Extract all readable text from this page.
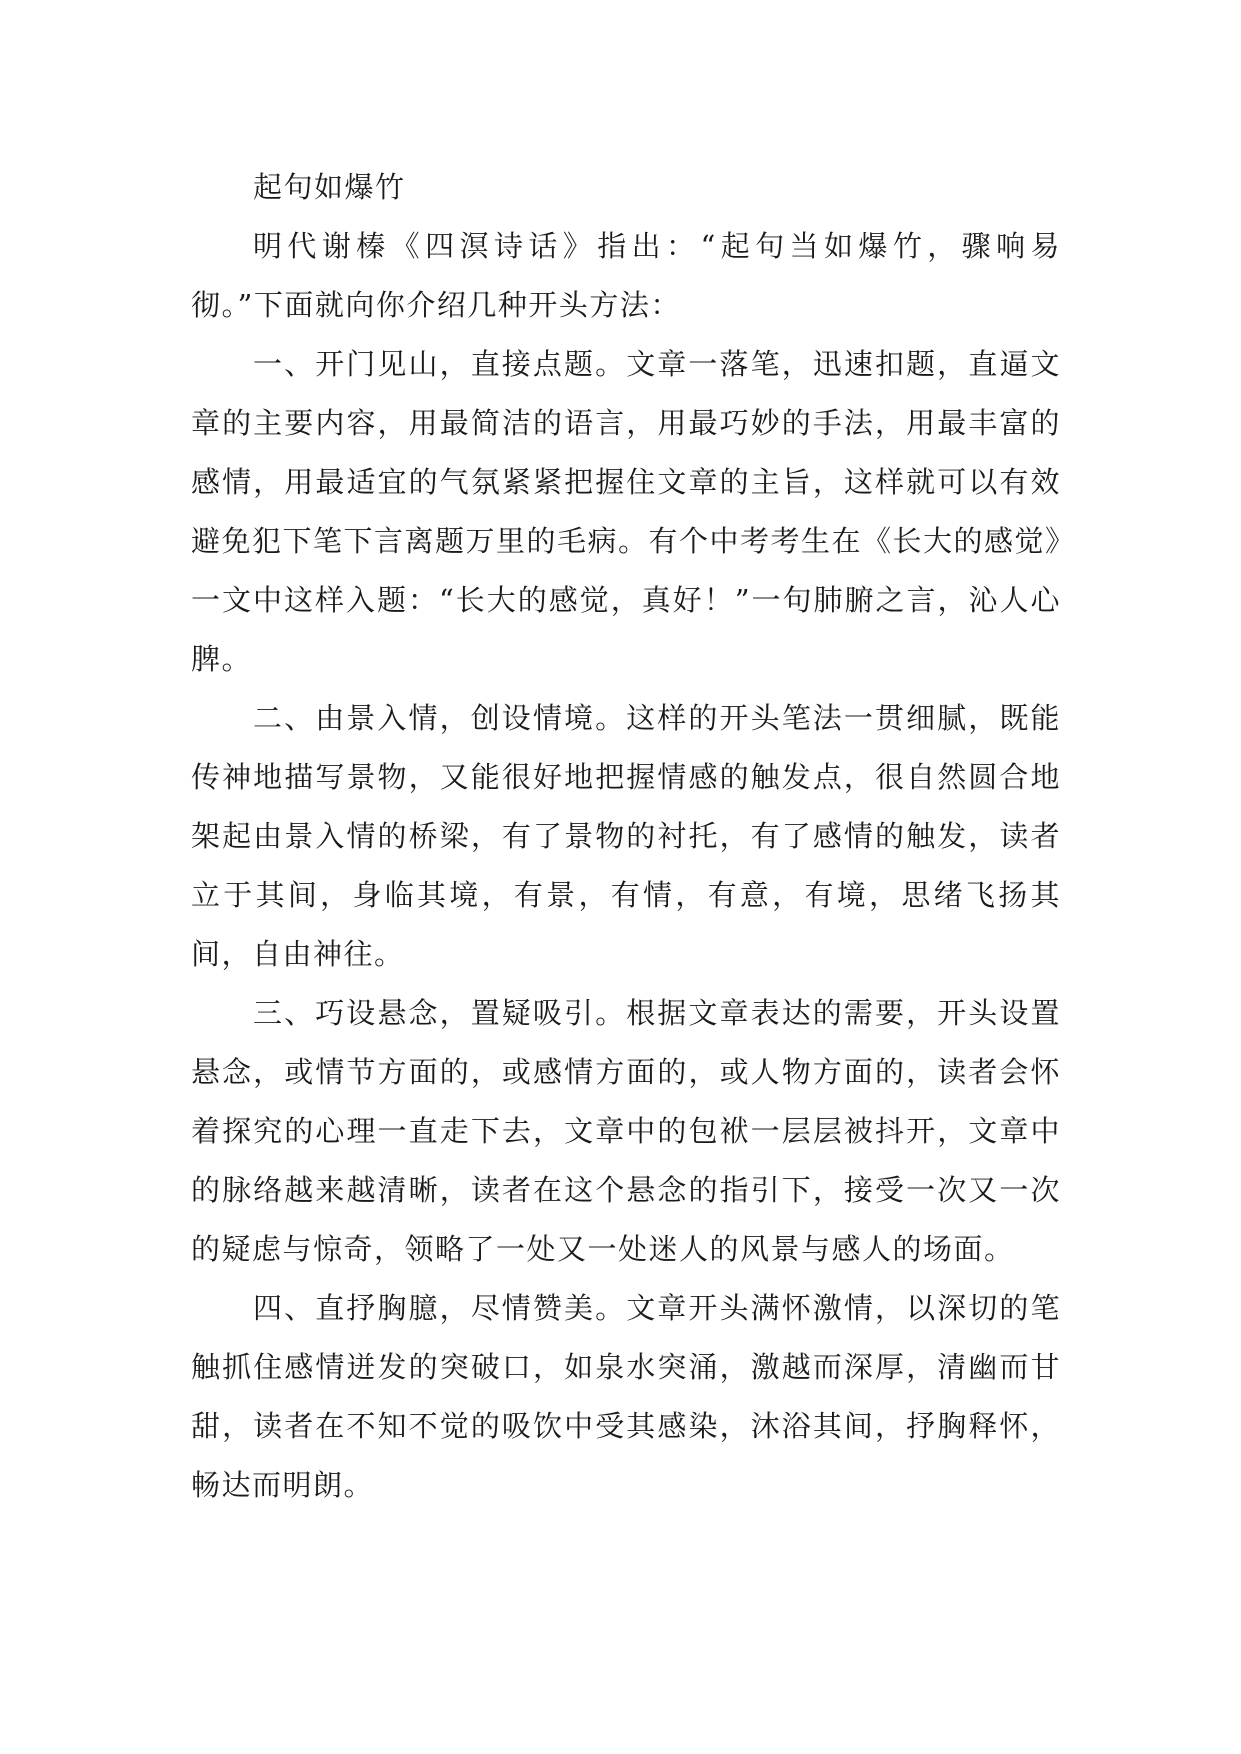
起句如爆竹

明代谢榛《四溟诗话》指出：“起句当如爆竹，骤响易彻。”下面就向你介绍几种开头方法：

一、开门见山，直接点题。文章一落笔，迅速扣题，直逼文章的主要内容，用最简洁的语言，用最巧妙的手法，用最丰富的感情，用最适宜的气氛紧紧把握住文章的主旨，这样就可以有效避免犯下笔下言离题万里的毛病。有个中考考生在《长大的感觉》一文中这样入题：“长大的感觉，真好！”一句肺腑之言，沁人心脾。

二、由景入情，创设情境。这样的开头笔法一贯细腻，既能传神地描写景物，又能很好地把握情感的触发点，很自然圆合地架起由景入情的桥梁，有了景物的衬托，有了感情的触发，读者立于其间，身临其境，有景，有情，有意，有境，思绪飞扬其间，自由神往。

三、巧设悬念，置疑吸引。根据文章表达的需要，开头设置悬念，或情节方面的，或感情方面的，或人物方面的，读者会怀着探究的心理一直走下去，文章中的包袱一层层被抖开，文章中的脉络越来越清晰，读者在这个悬念的指引下，接受一次又一次的疑虑与惊奇，领略了一处又一处迷人的风景与感人的场面。

四、直抒胸臆，尽情赞美。文章开头满怀激情，以深切的笔触抓住感情迸发的突破口，如泉水突涌，激越而深厚，清幽而甘甜，读者在不知不觉的吸饮中受其感染，沐浴其间，抒胸释怀，畅达而明朗。
